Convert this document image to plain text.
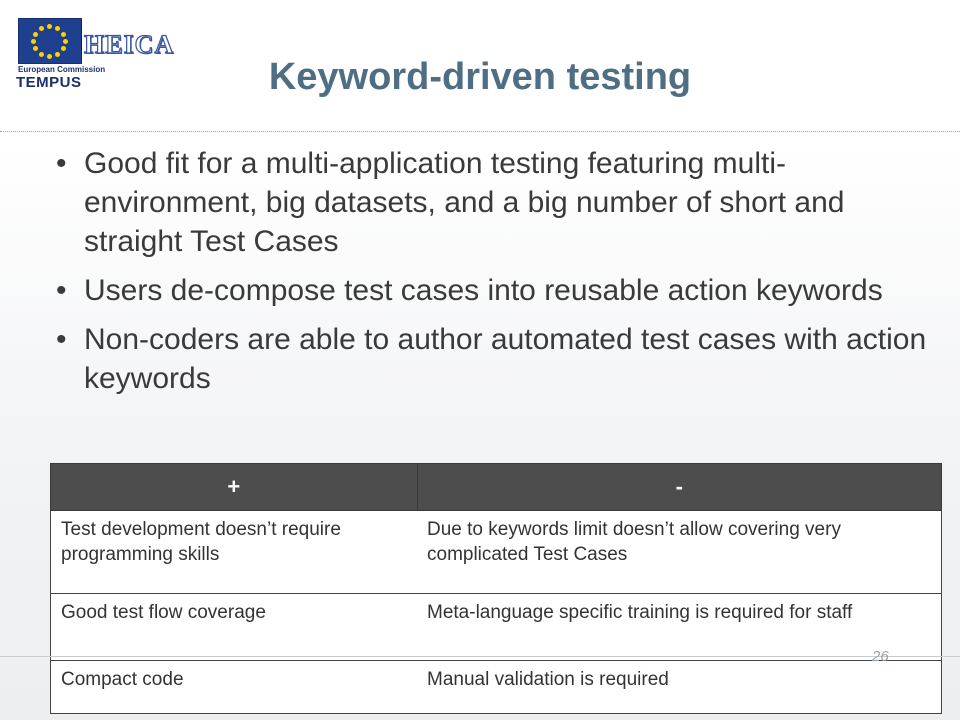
HEICA
European Commission
TEMPUS	Keyword-driven testing
• Good fit for a multi-application testing featuring multi-environment, big datasets, and a big number of short and straight Test Cases
• Users de-compose test cases into reusable action keywords
• Non-coders are able to author automated test cases with action keywords
+	-
Test development doesn’t require programming skills	Due to keywords limit doesn’t allow covering very complicated Test Cases
Good test flow coverage	Meta-language specific training is required for staff
Compact code	Manual validation is required
26
